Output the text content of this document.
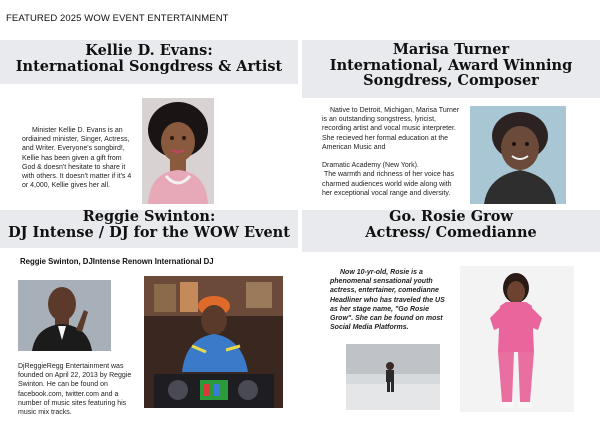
FEATURED 2025 WOW EVENT ENTERTAINMENT
Kellie D. Evans:
International Songdress & Artist
Marisa Turner
International, Award Winning
Songdress, Composer
Minister Kellie D. Evans is an ordiained minister, Singer, Actress, and Writer. Everyone's songbird!, Kellie has been given a gift from God & doesn't hesitate to share it with others. It doesn't matter if it's 4 or 4,000, Kellie gives her all.

Native to Detroit, Michigan, Marisa Turner is an outstanding songstress, lyricist, recording artist and vocal music interpreter. She recieved her formal education at the American Music and

Dramatic Academy (New York).

The warmth and richness of her voice has charmed audiences world wide along with her exceptional vocal range and diversity.

Reggie Swinton:
DJ Intense / DJ for the WOW Event
Go. Rosie Grow
Actress/ Comedianne
Reggie Swinton, DJIntense Renown International DJ
DjReggieRegg Entertainment was founded on April 22, 2013 by Reggie Swinton. He can be found on facebook.com, twitter.com and a number of music sites featuring his music mix tracks.
Now 10-yr-old, Rosie is a phenomenal sensational youth actress, entertainer, comedianne Headliner who has traveled the US as her stage name, "Go Rosie Grow". She can be found on most Social Media Platforms.
